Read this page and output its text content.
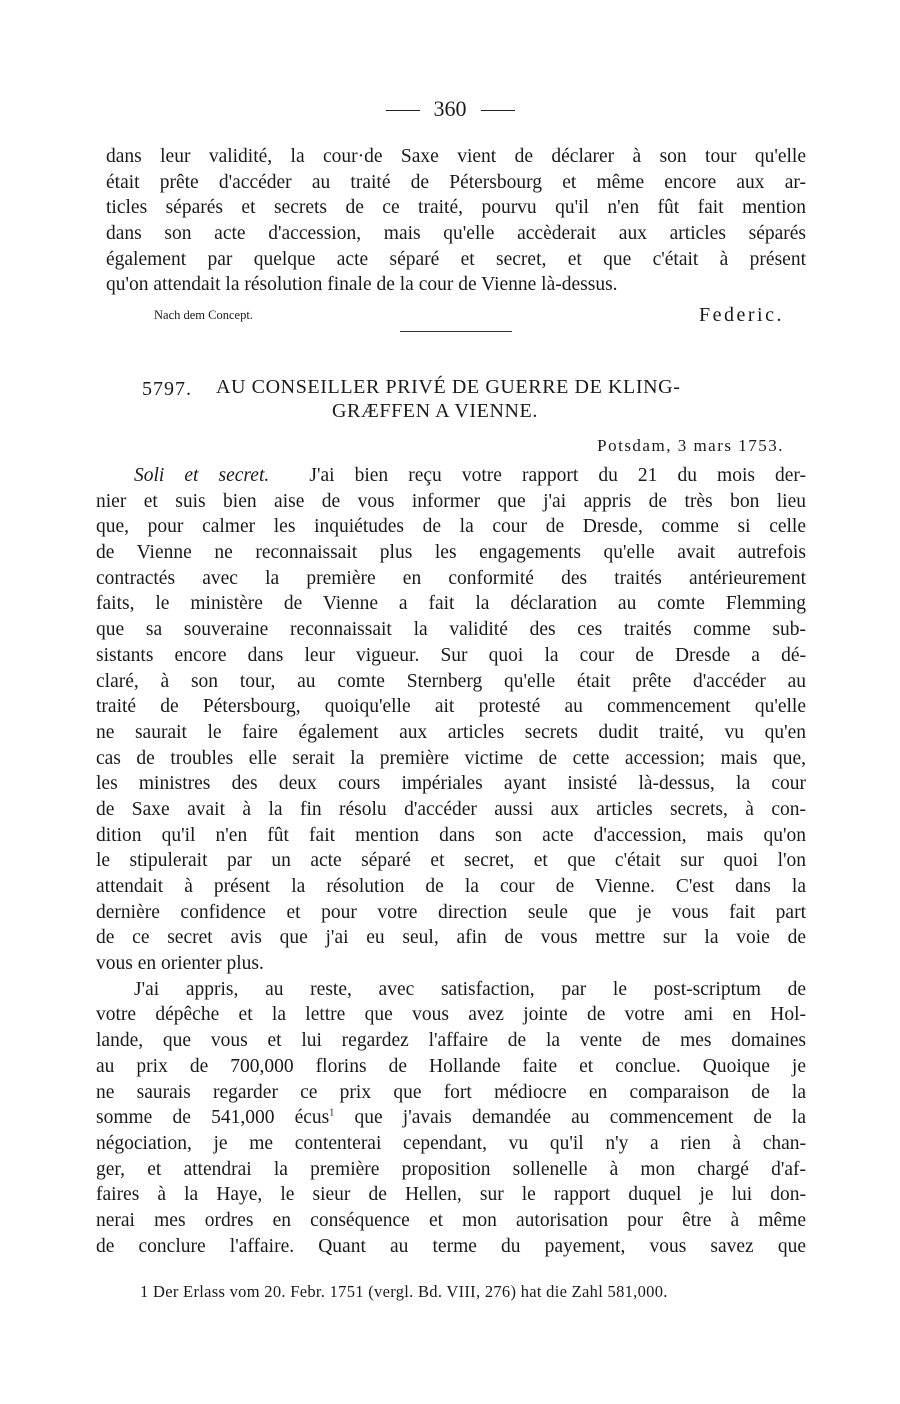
360
dans leur validité, la cour·de Saxe vient de déclarer à son tour qu'elle
était prête d'accéder au traité de Pétersbourg et même encore aux ar-
ticles séparés et secrets de ce traité, pourvu qu'il n'en fût fait mention
dans son acte d'accession, mais qu'elle accèderait aux articles séparés
également par quelque acte séparé et secret, et que c'était à présent
qu'on attendait la résolution finale de la cour de Vienne là-dessus.
Nach dem Concept.	Federic.
5797. AU CONSEILLER PRIVÉ DE GUERRE DE KLING-
GRÆFFEN A VIENNE.
Potsdam, 3 mars 1753.
Soli et secret. J'ai bien reçu votre rapport du 21 du mois der-
nier et suis bien aise de vous informer que j'ai appris de très bon lieu
que, pour calmer les inquiétudes de la cour de Dresde, comme si celle
de Vienne ne reconnaissait plus les engagements qu'elle avait autrefois
contractés avec la première en conformité des traités antérieurement
faits, le ministère de Vienne a fait la déclaration au comte Flemming
que sa souveraine reconnaissait la validité des ces traités comme sub-
sistants encore dans leur vigueur. Sur quoi la cour de Dresde a dé-
claré, à son tour, au comte Sternberg qu'elle était prête d'accéder au
traité de Pétersbourg, quoiqu'elle ait protesté au commencement qu'elle
ne saurait le faire également aux articles secrets dudit traité, vu qu'en
cas de troubles elle serait la première victime de cette accession; mais que,
les ministres des deux cours impériales ayant insisté là-dessus, la cour
de Saxe avait à la fin résolu d'accéder aussi aux articles secrets, à con-
dition qu'il n'en fût fait mention dans son acte d'accession, mais qu'on
le stipulerait par un acte séparé et secret, et que c'était sur quoi l'on
attendait à présent la résolution de la cour de Vienne. C'est dans la
dernière confidence et pour votre direction seule que je vous fait part
de ce secret avis que j'ai eu seul, afin de vous mettre sur la voie de
vous en orienter plus.
J'ai appris, au reste, avec satisfaction, par le post-scriptum de
votre dépêche et la lettre que vous avez jointe de votre ami en Hol-
lande, que vous et lui regardez l'affaire de la vente de mes domaines
au prix de 700,000 florins de Hollande faite et conclue. Quoique je
ne saurais regarder ce prix que fort médiocre en comparaison de la
somme de 541,000 écus$^1$ que j'avais demandée au commencement de la
négociation, je me contenterai cependant, vu qu'il n'y a rien à chan-
ger, et attendrai la première proposition sollenelle à mon chargé d'af-
faires à la Haye, le sieur de Hellen, sur le rapport duquel je lui don-
nerai mes ordres en conséquence et mon autorisation pour être à même
de conclure l'affaire. Quant au terme du payement, vous savez que
1 Der Erlass vom 20. Febr. 1751 (vergl. Bd. VIII, 276) hat die Zahl 581,000.
